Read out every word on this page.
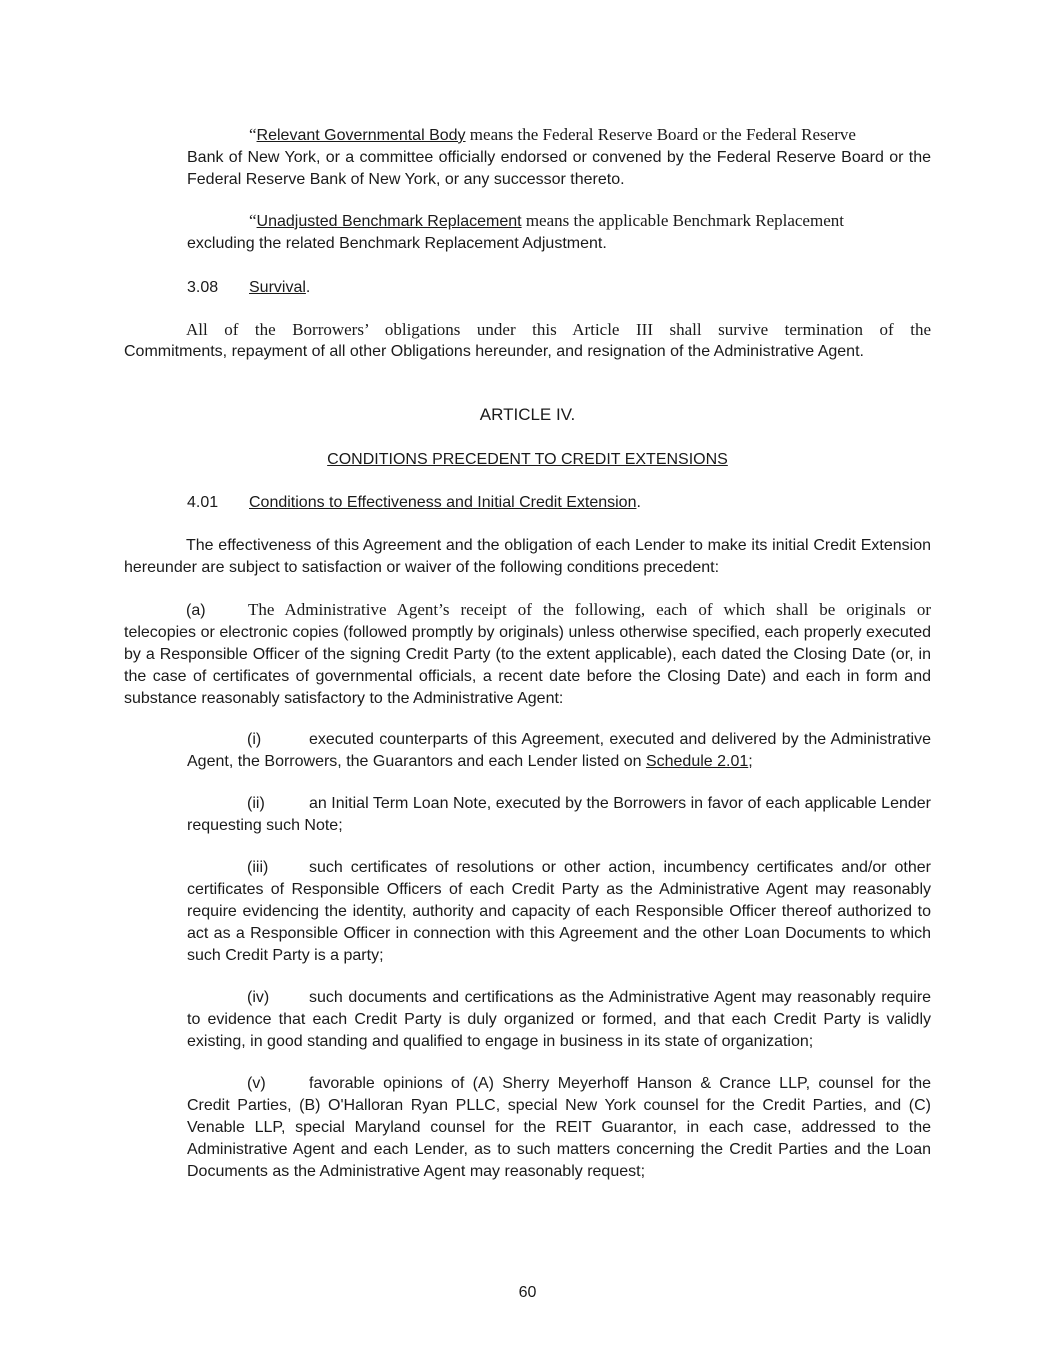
“Relevant Governmental Body means the Federal Reserve Board or the Federal Reserve
Bank of New York, or a committee officially endorsed or convened by the Federal Reserve Board or the Federal Reserve Bank of New York, or any successor thereto.

“Unadjusted Benchmark Replacement means the applicable Benchmark Replacement
excluding the related Benchmark Replacement Adjustment.

3.08 Survival.

All of the Borrowers’ obligations under this Article III shall survive termination of the
Commitments, repayment of all other Obligations hereunder, and resignation of the Administrative Agent.

ARTICLE IV.
CONDITIONS PRECEDENT TO CREDIT EXTENSIONS
4.01 Conditions to Effectiveness and Initial Credit Extension.

The effectiveness of this Agreement and the obligation of each Lender to make its initial Credit Extension hereunder are subject to satisfaction or waiver of the following conditions precedent:

(a) The Administrative Agent’s receipt of the following, each of which shall be originals or
telecopies or electronic copies (followed promptly by originals) unless otherwise specified, each properly executed by a Responsible Officer of the signing Credit Party (to the extent applicable), each dated the Closing Date (or, in the case of certificates of governmental officials, a recent date before the Closing Date) and each in form and substance reasonably satisfactory to the Administrative Agent:

(i)	executed counterparts of this Agreement, executed and delivered by the Administrative Agent, the Borrowers, the Guarantors and each Lender listed on Schedule 2.01;

(ii)	an Initial Term Loan Note, executed by the Borrowers in favor of each applicable Lender requesting such Note;

(iii)	such certificates of resolutions or other action, incumbency certificates and/or other certificates of Responsible Officers of each Credit Party as the Administrative Agent may reasonably require evidencing the identity, authority and capacity of each Responsible Officer thereof authorized to act as a Responsible Officer in connection with this Agreement and the other Loan Documents to which such Credit Party is a party;

(iv) such documents and certifications as the Administrative Agent may reasonably require to evidence that each Credit Party is duly organized or formed, and that each Credit Party is validly existing, in good standing and qualified to engage in business in its state of organization;

(v)	favorable opinions of (A) Sherry Meyerhoff Hanson & Crance LLP, counsel for the Credit Parties, (B) O'Halloran Ryan PLLC, special New York counsel for the Credit Parties, and (C) Venable LLP, special Maryland counsel for the REIT Guarantor, in each case, addressed to the Administrative Agent and each Lender, as to such matters concerning the Credit Parties and the Loan Documents as the Administrative Agent may reasonably request;

60
